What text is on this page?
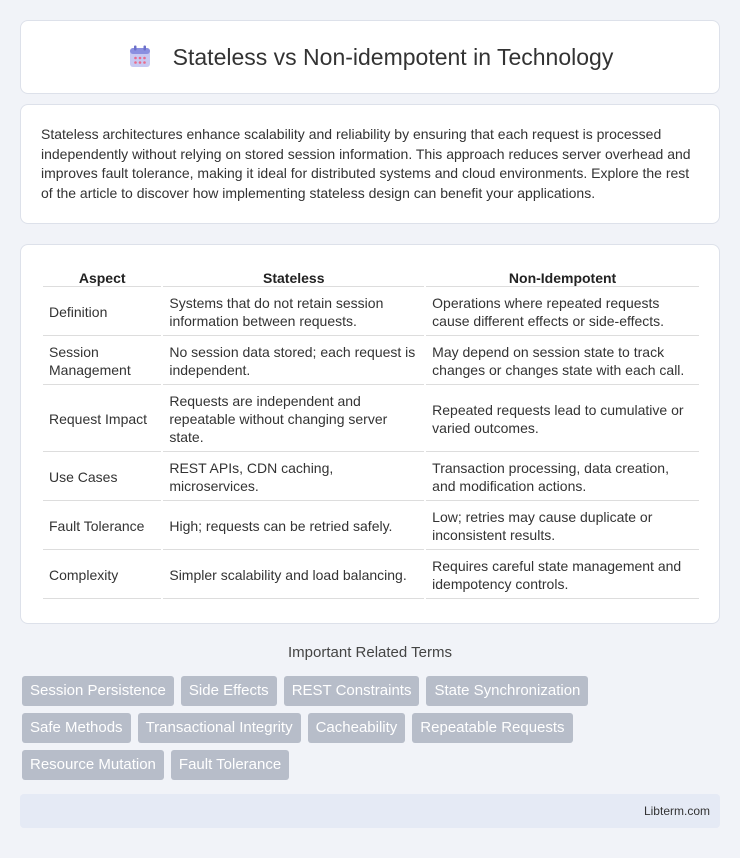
Stateless vs Non-idempotent in Technology

Stateless architectures enhance scalability and reliability by ensuring that each request is processed independently without relying on stored session information. This approach reduces server overhead and improves fault tolerance, making it ideal for distributed systems and cloud environments. Explore the rest of the article to discover how implementing stateless design can benefit your applications.

Aspect	Stateless	Non-Idempotent
Definition	Systems that do not retain session information between requests.	Operations where repeated requests cause different effects or side-effects.
Session Management	No session data stored; each request is independent.	May depend on session state to track changes or changes state with each call.
Request Impact	Requests are independent and repeatable without changing server state.	Repeated requests lead to cumulative or varied outcomes.
Use Cases	REST APIs, CDN caching, microservices.	Transaction processing, data creation, and modification actions.
Fault Tolerance	High; requests can be retried safely.	Low; retries may cause duplicate or inconsistent results.
Complexity	Simpler scalability and load balancing.	Requires careful state management and idempotency controls.
Important Related Terms
Session Persistence	Side Effects	REST Constraints	State Synchronization
Safe Methods	Transactional Integrity	Cacheability	Repeatable Requests
Resource Mutation	Fault Tolerance
Libterm.com
